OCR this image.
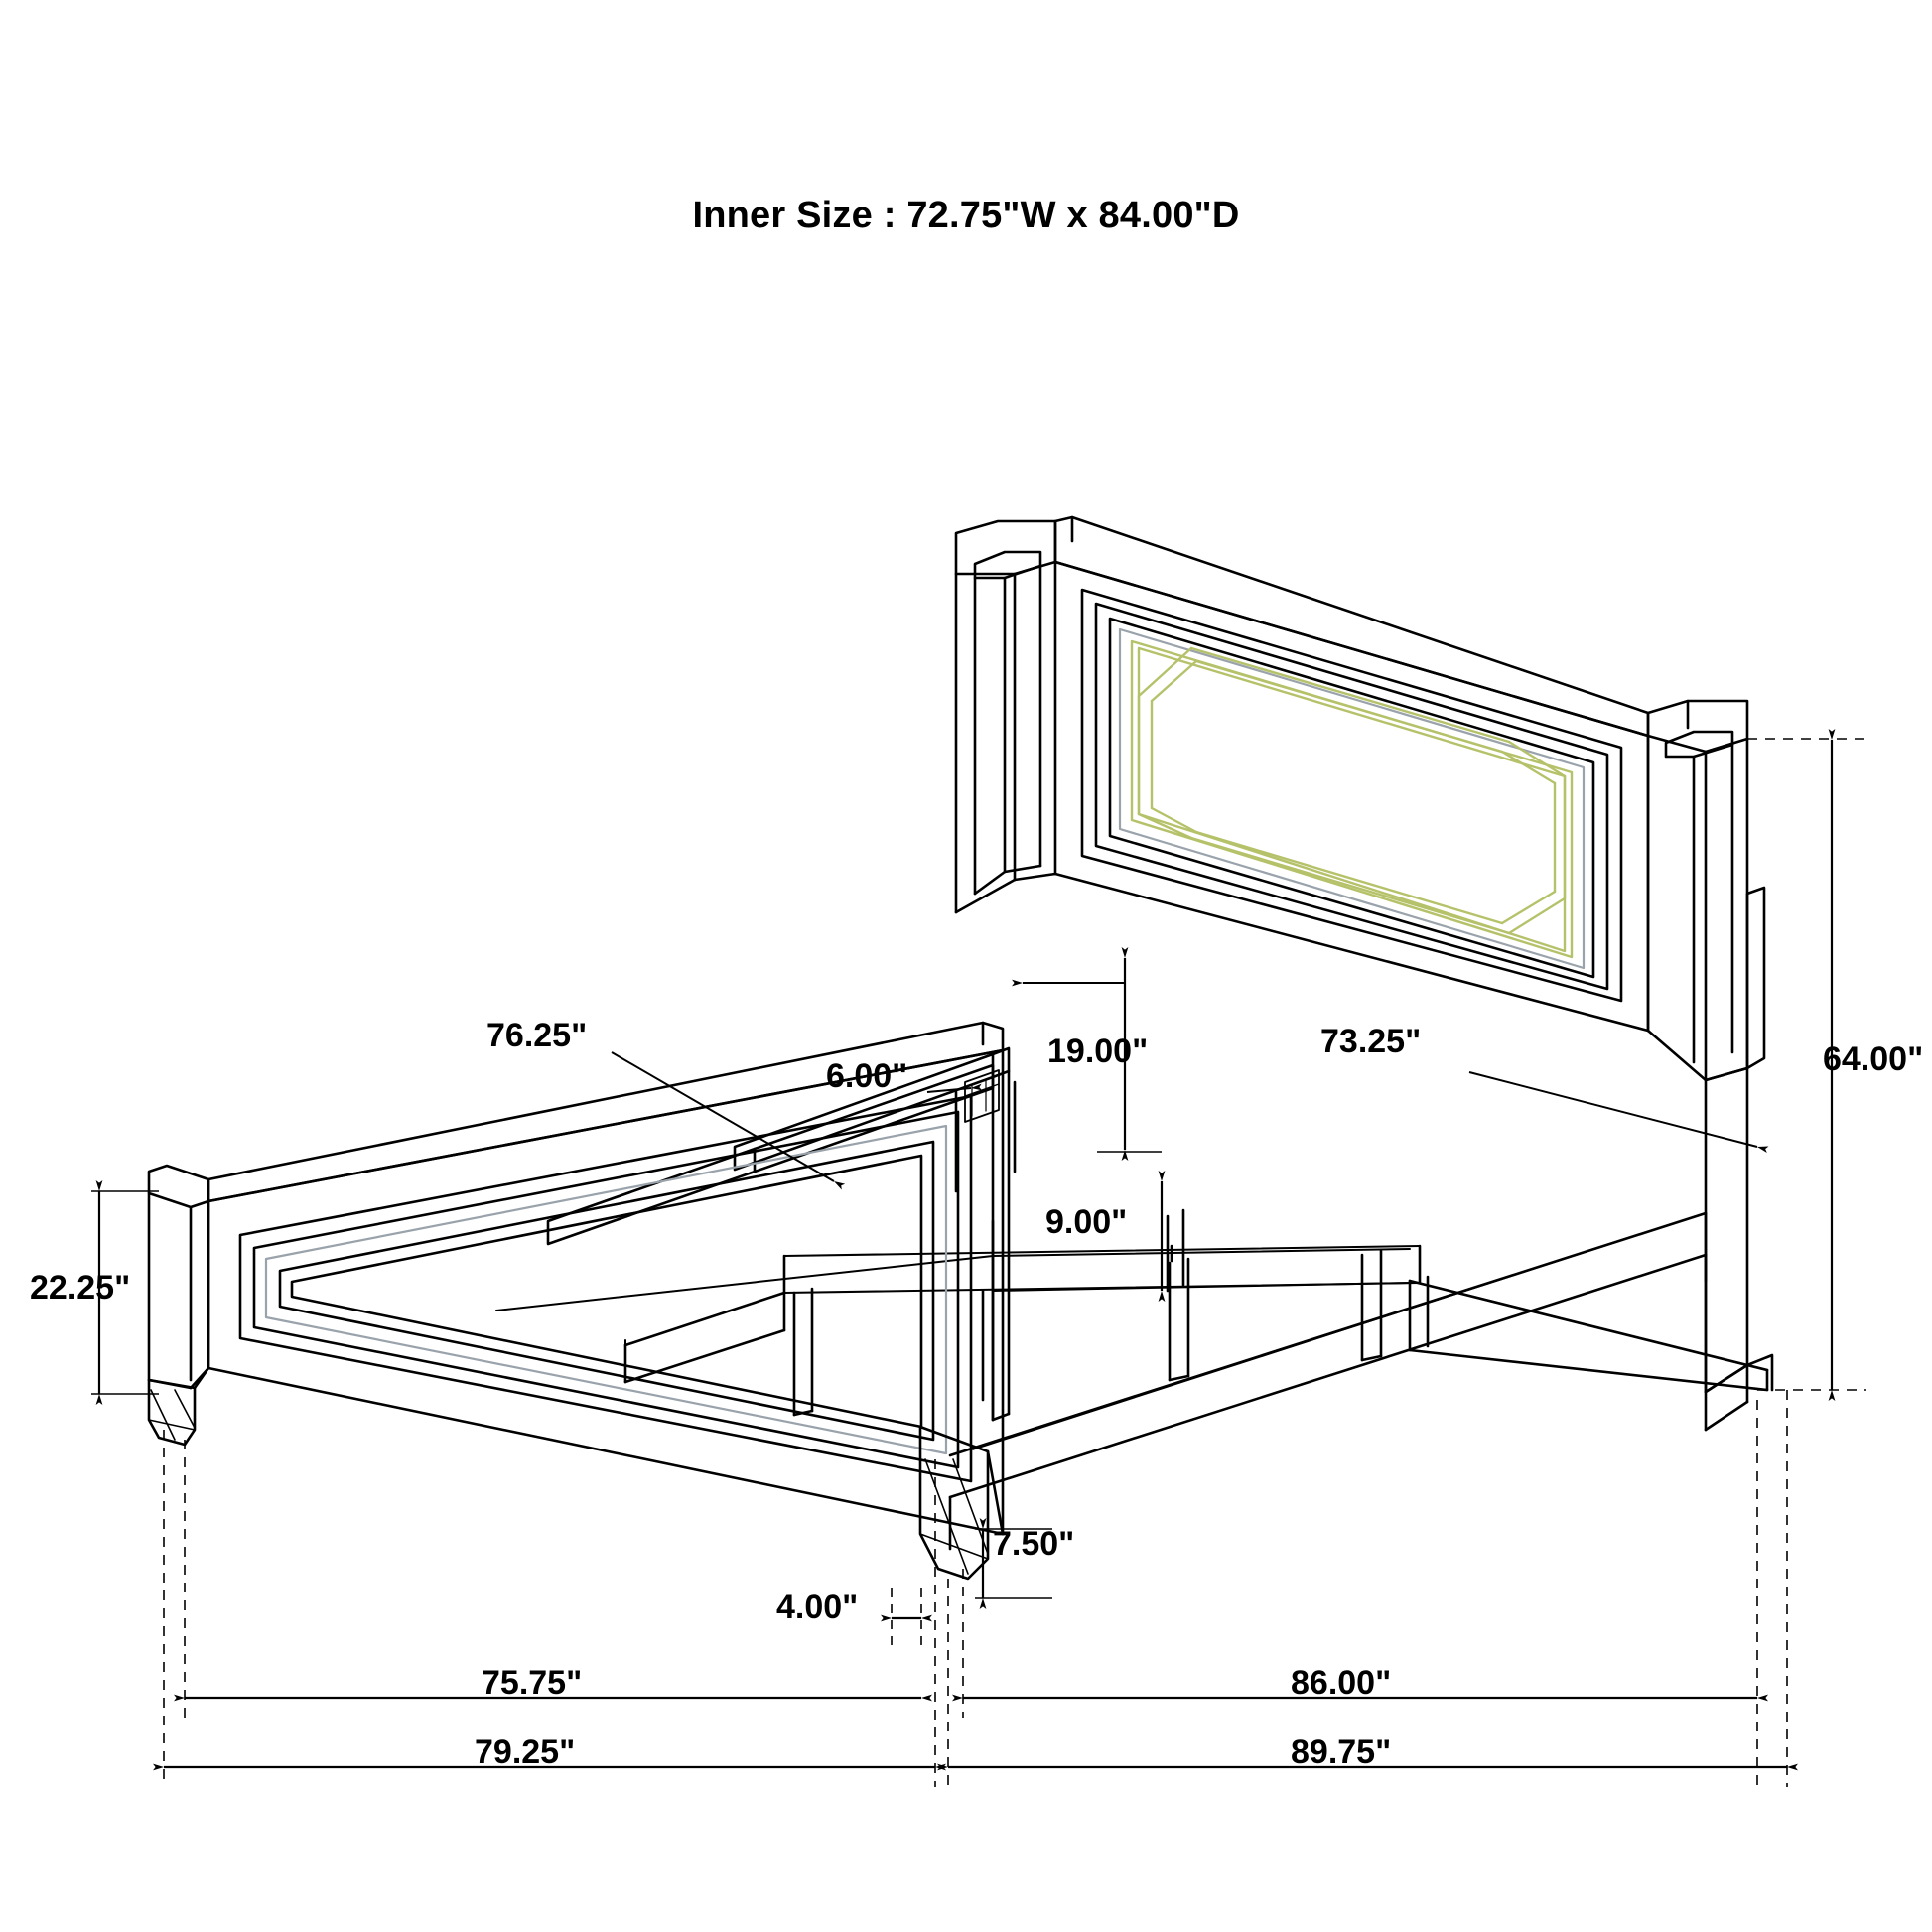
Inner Size : 72.75"W x 84.00"D
64.00"
73.25"
19.00"
9.00"
76.25"
6.00"
22.25"
7.50"
4.00"
75.75"	86.00"
79.25"	89.75"
